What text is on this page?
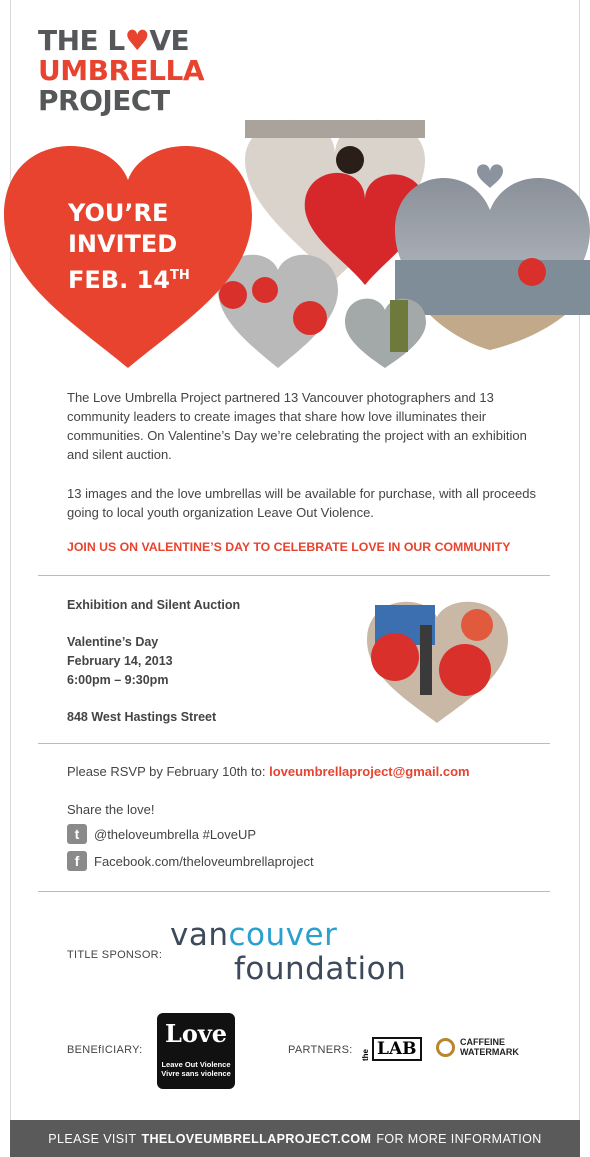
THE L♥VE
UMBRELLA
PROJECT
YOU’RE
INVITED
FEB. 14TH
The Love Umbrella Project partnered 13 Vancouver photographers and 13 community leaders to create images that share how love illuminates their communities. On Valentine’s Day we’re celebrating the project with an exhibition and silent auction.
13 images and the love umbrellas will be available for purchase, with all proceeds going to local youth organization Leave Out Violence.
JOIN US ON VALENTINE’S DAY TO CELEBRATE LOVE IN OUR COMMUNITY
Exhibition and Silent Auction
Valentine’s Day
February 14, 2013
6:00pm – 9:30pm
848 West Hastings Street
Please RSVP by February 10th to: loveumbrellaproject@gmail.com
Share the love!
t	@theloveumbrella #LoveUP
f	Facebook.com/theloveumbrellaproject
TITLE SPONSOR:
vancouver
foundation
BENEfICIARY:
Love
Leave Out Violence
Vivre sans violence
PARTNERS: the LAB	CAFFEINE
WATERMARK
PLEASE VISIT THELOVEUMBRELLAPROJECT.COM FOR MORE INFORMATION
